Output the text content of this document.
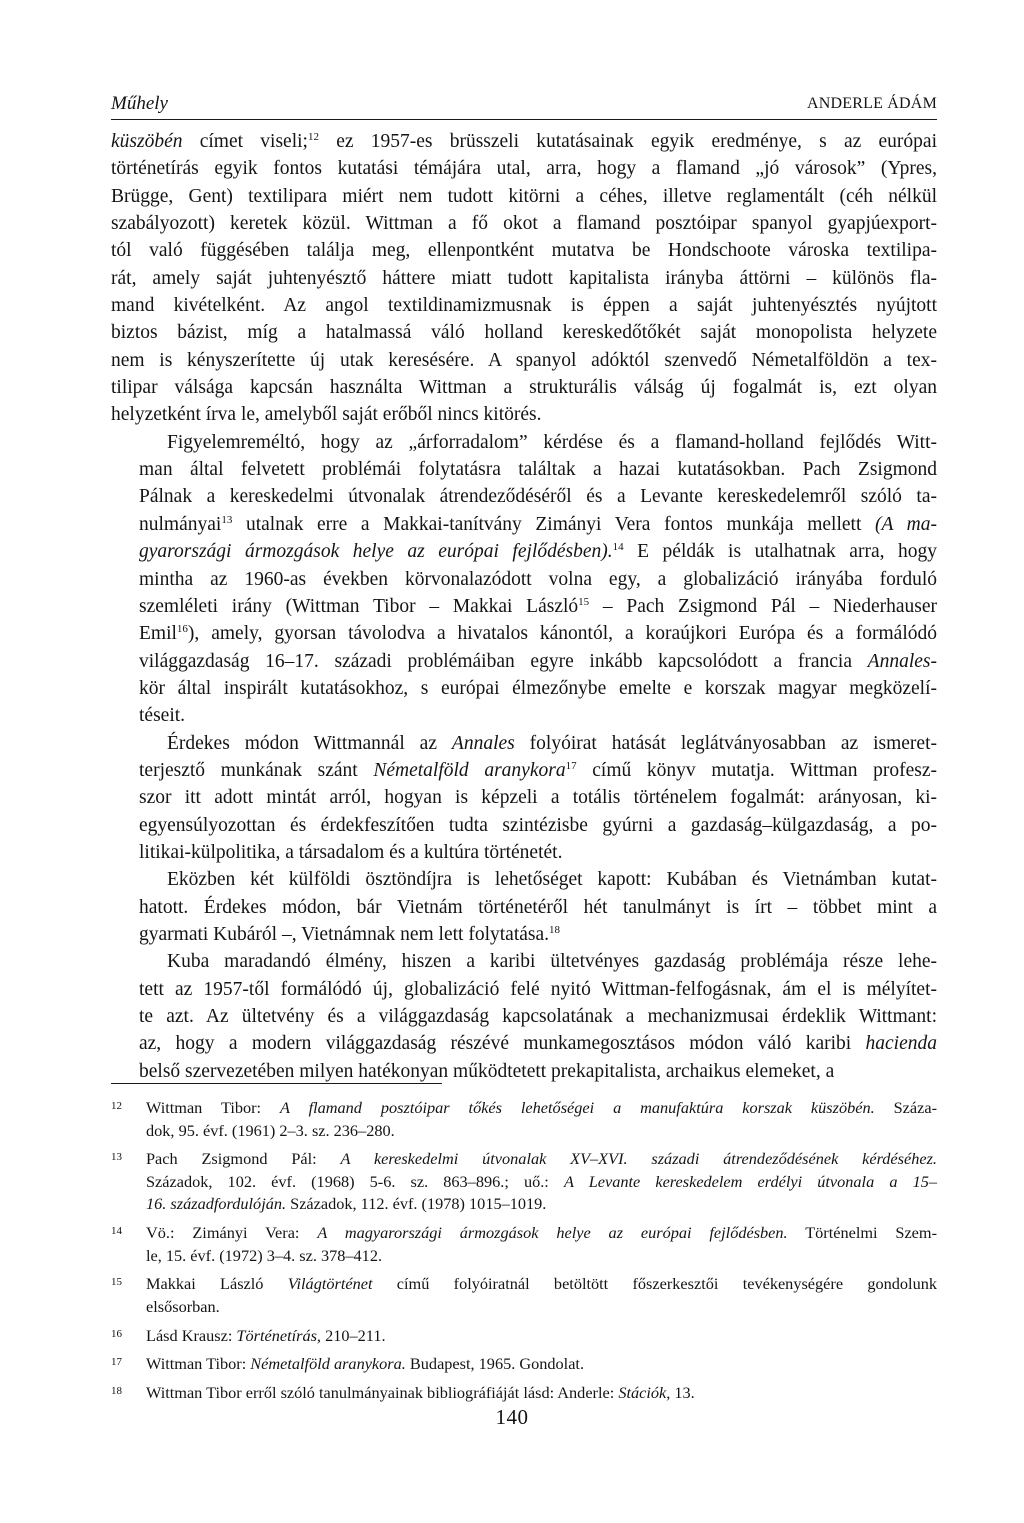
Műhely	ANDERLE ÁDÁM

küszöbén címet viseli;$^{12}$ ez 1957-es brüsszeli kutatásainak egyik eredménye, s az európai
történetírás egyik fontos kutatási témájára utal, arra, hogy a flamand „jó városok” (Ypres,
Brügge, Gent) textilipara miért nem tudott kitörni a céhes, illetve reglamentált (céh nélkül
szabályozott) keretek közül. Wittman a fő okot a flamand posztóipar spanyol gyapjúexport-
tól való függésében találja meg, ellenpontként mutatva be Hondschoote városka textilipa-
rát, amely saját juhtenyésztő háttere miatt tudott kapitalista irányba áttörni – különös fla-
mand kivételként. Az angol textildinamizmusnak is éppen a saját juhtenyésztés nyújtott
biztos bázist, míg a hatalmassá váló holland kereskedőtőkét saját monopolista helyzete
nem is kényszerítette új utak keresésére. A spanyol adóktól szenvedő Németalföldön a tex-
tilipar válsága kapcsán használta Wittman a strukturális válság új fogalmát is, ezt olyan
helyzetként írva le, amelyből saját erőből nincs kitörés.

Figyelemreméltó, hogy az „árforradalom” kérdése és a flamand-holland fejlődés Witt-
man által felvetett problémái folytatásra találtak a hazai kutatásokban. Pach Zsigmond
Pálnak a kereskedelmi útvonalak átrendeződéséről és a Levante kereskedelemről szóló ta-
nulmányai$^{13}$ utalnak erre a Makkai-tanítvány Zimányi Vera fontos munkája mellett (A ma-
gyarországi ármozgások helye az európai fejlődésben).$^{14}$ E példák is utalhatnak arra, hogy
mintha az 1960-as években körvonalazódott volna egy, a globalizáció irányába forduló
szemléleti irány (Wittman Tibor – Makkai László$^{15}$ – Pach Zsigmond Pál – Niederhauser
Emil$^{16}$), amely, gyorsan távolodva a hivatalos kánontól, a koraújkori Európa és a formálódó
világgazdaság 16–17. századi problémáiban egyre inkább kapcsolódott a francia Annales-
kör által inspirált kutatásokhoz, s európai élmezőnybe emelte e korszak magyar megközelí-
téseit.

Érdekes módon Wittmannál az Annales folyóirat hatását leglátványosabban az ismeret-
terjesztő munkának szánt Németalföld aranykora$^{17}$ című könyv mutatja. Wittman profesz-
szor itt adott mintát arról, hogyan is képzeli a totális történelem fogalmát: arányosan, ki-
egyensúlyozottan és érdekfeszítően tudta szintézisbe gyúrni a gazdaság–külgazdaság, a po-
litikai-külpolitika, a társadalom és a kultúra történetét.

Eközben két külföldi ösztöndíjra is lehetőséget kapott: Kubában és Vietnámban kutat-
hatott. Érdekes módon, bár Vietnám történetéről hét tanulmányt is írt – többet mint a
gyarmati Kubáról –, Vietnámnak nem lett folytatása.$^{18}$

Kuba maradandó élmény, hiszen a karibi ültetvényes gazdaság problémája része lehe-
tett az 1957-től formálódó új, globalizáció felé nyitó Wittman-felfogásnak, ám el is mélyítet-
te azt. Az ültetvény és a világgazdaság kapcsolatának a mechanizmusai érdeklik Wittmant:
az, hogy a modern világgazdaság részévé munkamegosztásos módon váló karibi hacienda
belső szervezetében milyen hatékonyan működtetett prekapitalista, archaikus elemeket, a

12 Wittman Tibor: A flamand posztóipar tőkés lehetőségei a manufaktúra korszak küszöbén. Száza-
dok, 95. évf. (1961) 2–3. sz. 236–280.
13 Pach Zsigmond Pál: A kereskedelmi útvonalak XV–XVI. századi átrendeződésének kérdéséhez.
Századok, 102. évf. (1968) 5-6. sz. 863–896.; uő.: A Levante kereskedelem erdélyi útvonala a 15–
16. századfordulóján. Századok, 112. évf. (1978) 1015–1019.
14 Vö.: Zimányi Vera: A magyarországi ármozgások helye az európai fejlődésben. Történelmi Szem-
le, 15. évf. (1972) 3–4. sz. 378–412.
15 Makkai László Világtörténet című folyóiratnál betöltött főszerkesztői tevékenységére gondolunk
elsősorban.
16 Lásd Krausz: Történetírás, 210–211.
17 Wittman Tibor: Németalföld aranykora. Budapest, 1965. Gondolat.
18 Wittman Tibor erről szóló tanulmányainak bibliográfiáját lásd: Anderle: Stációk, 13.
140
